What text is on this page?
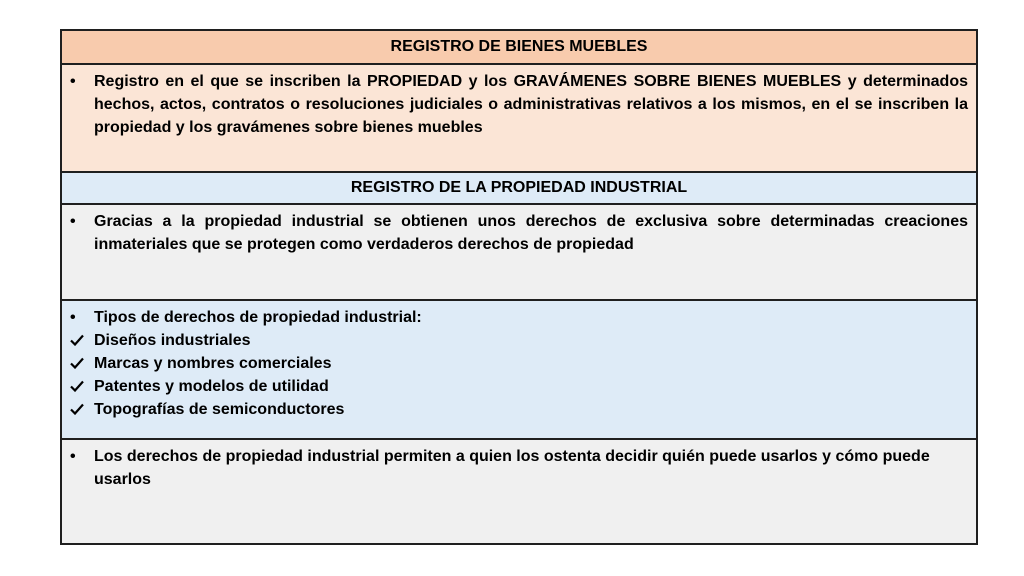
REGISTRO DE BIENES MUEBLES
•	Registro en el que se inscriben la PROPIEDAD y los GRAVÁMENES SOBRE BIENES MUEBLES y determinados hechos, actos, contratos o resoluciones judiciales o administrativas relativos a los mismos, en el se inscriben la propiedad y los gravámenes sobre bienes muebles
REGISTRO DE LA PROPIEDAD INDUSTRIAL
•	Gracias a la propiedad industrial se obtienen unos derechos de exclusiva sobre determinadas creaciones inmateriales que se protegen como verdaderos derechos de propiedad
•	Tipos de derechos de propiedad industrial:
Diseños industriales
Marcas y nombres comerciales
Patentes y modelos de utilidad
Topografías de semiconductores
•	Los derechos de propiedad industrial permiten a quien los ostenta decidir quién puede usarlos y cómo puede usarlos
